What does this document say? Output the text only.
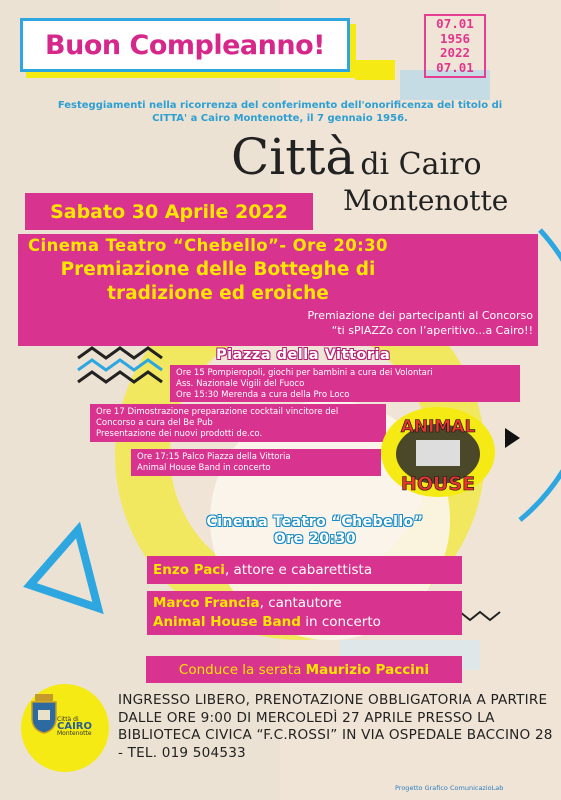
Buon Compleanno!
07.01
1956
2022
07.01
Festeggiamenti nella ricorrenza del conferimento dell'onorificenza del titolo di CITTA' a Cairo Montenotte, il 7 gennaio 1956.
Città di Cairo
Montenotte
Sabato 30 Aprile 2022
Cinema Teatro “Chebello”- Ore 20:30
Premiazione delle Botteghe di tradizione ed eroiche
Premiazione dei partecipanti al Concorso
“ti sPIAZZo con l’aperitivo...a Cairo!!
Piazza della Vittoria
Ore 15 Pompieropoli, giochi per bambini a cura dei Volontari
Ass. Nazionale Vigili del Fuoco
Ore 15:30 Merenda a cura della Pro Loco
Ore 17 Dimostrazione preparazione cocktail vincitore del
Concorso a cura del Be Pub
Presentazione dei nuovi prodotti de.co.
Ore 17:15 Palco Piazza della Vittoria
Animal House Band in concerto
ANIMAL
HOUSE
Cinema Teatro “Chebello”
Ore 20:30
Enzo Paci, attore e cabarettista
Marco Francia, cantautore
Animal House Band in concerto
Conduce la serata
Maurizio Paccini
Città di
CAIRO
Montenotte
INGRESSO LIBERO, PRENOTAZIONE OBBLIGATORIA A PARTIRE DALLE ORE 9:00 DI MERCOLEDÌ 27 APRILE PRESSO LA BIBLIOTECA CIVICA “F.C.ROSSI” IN VIA OSPEDALE BACCINO 28 - TEL. 019 504533
Progetto Grafico ComunicazioLab
